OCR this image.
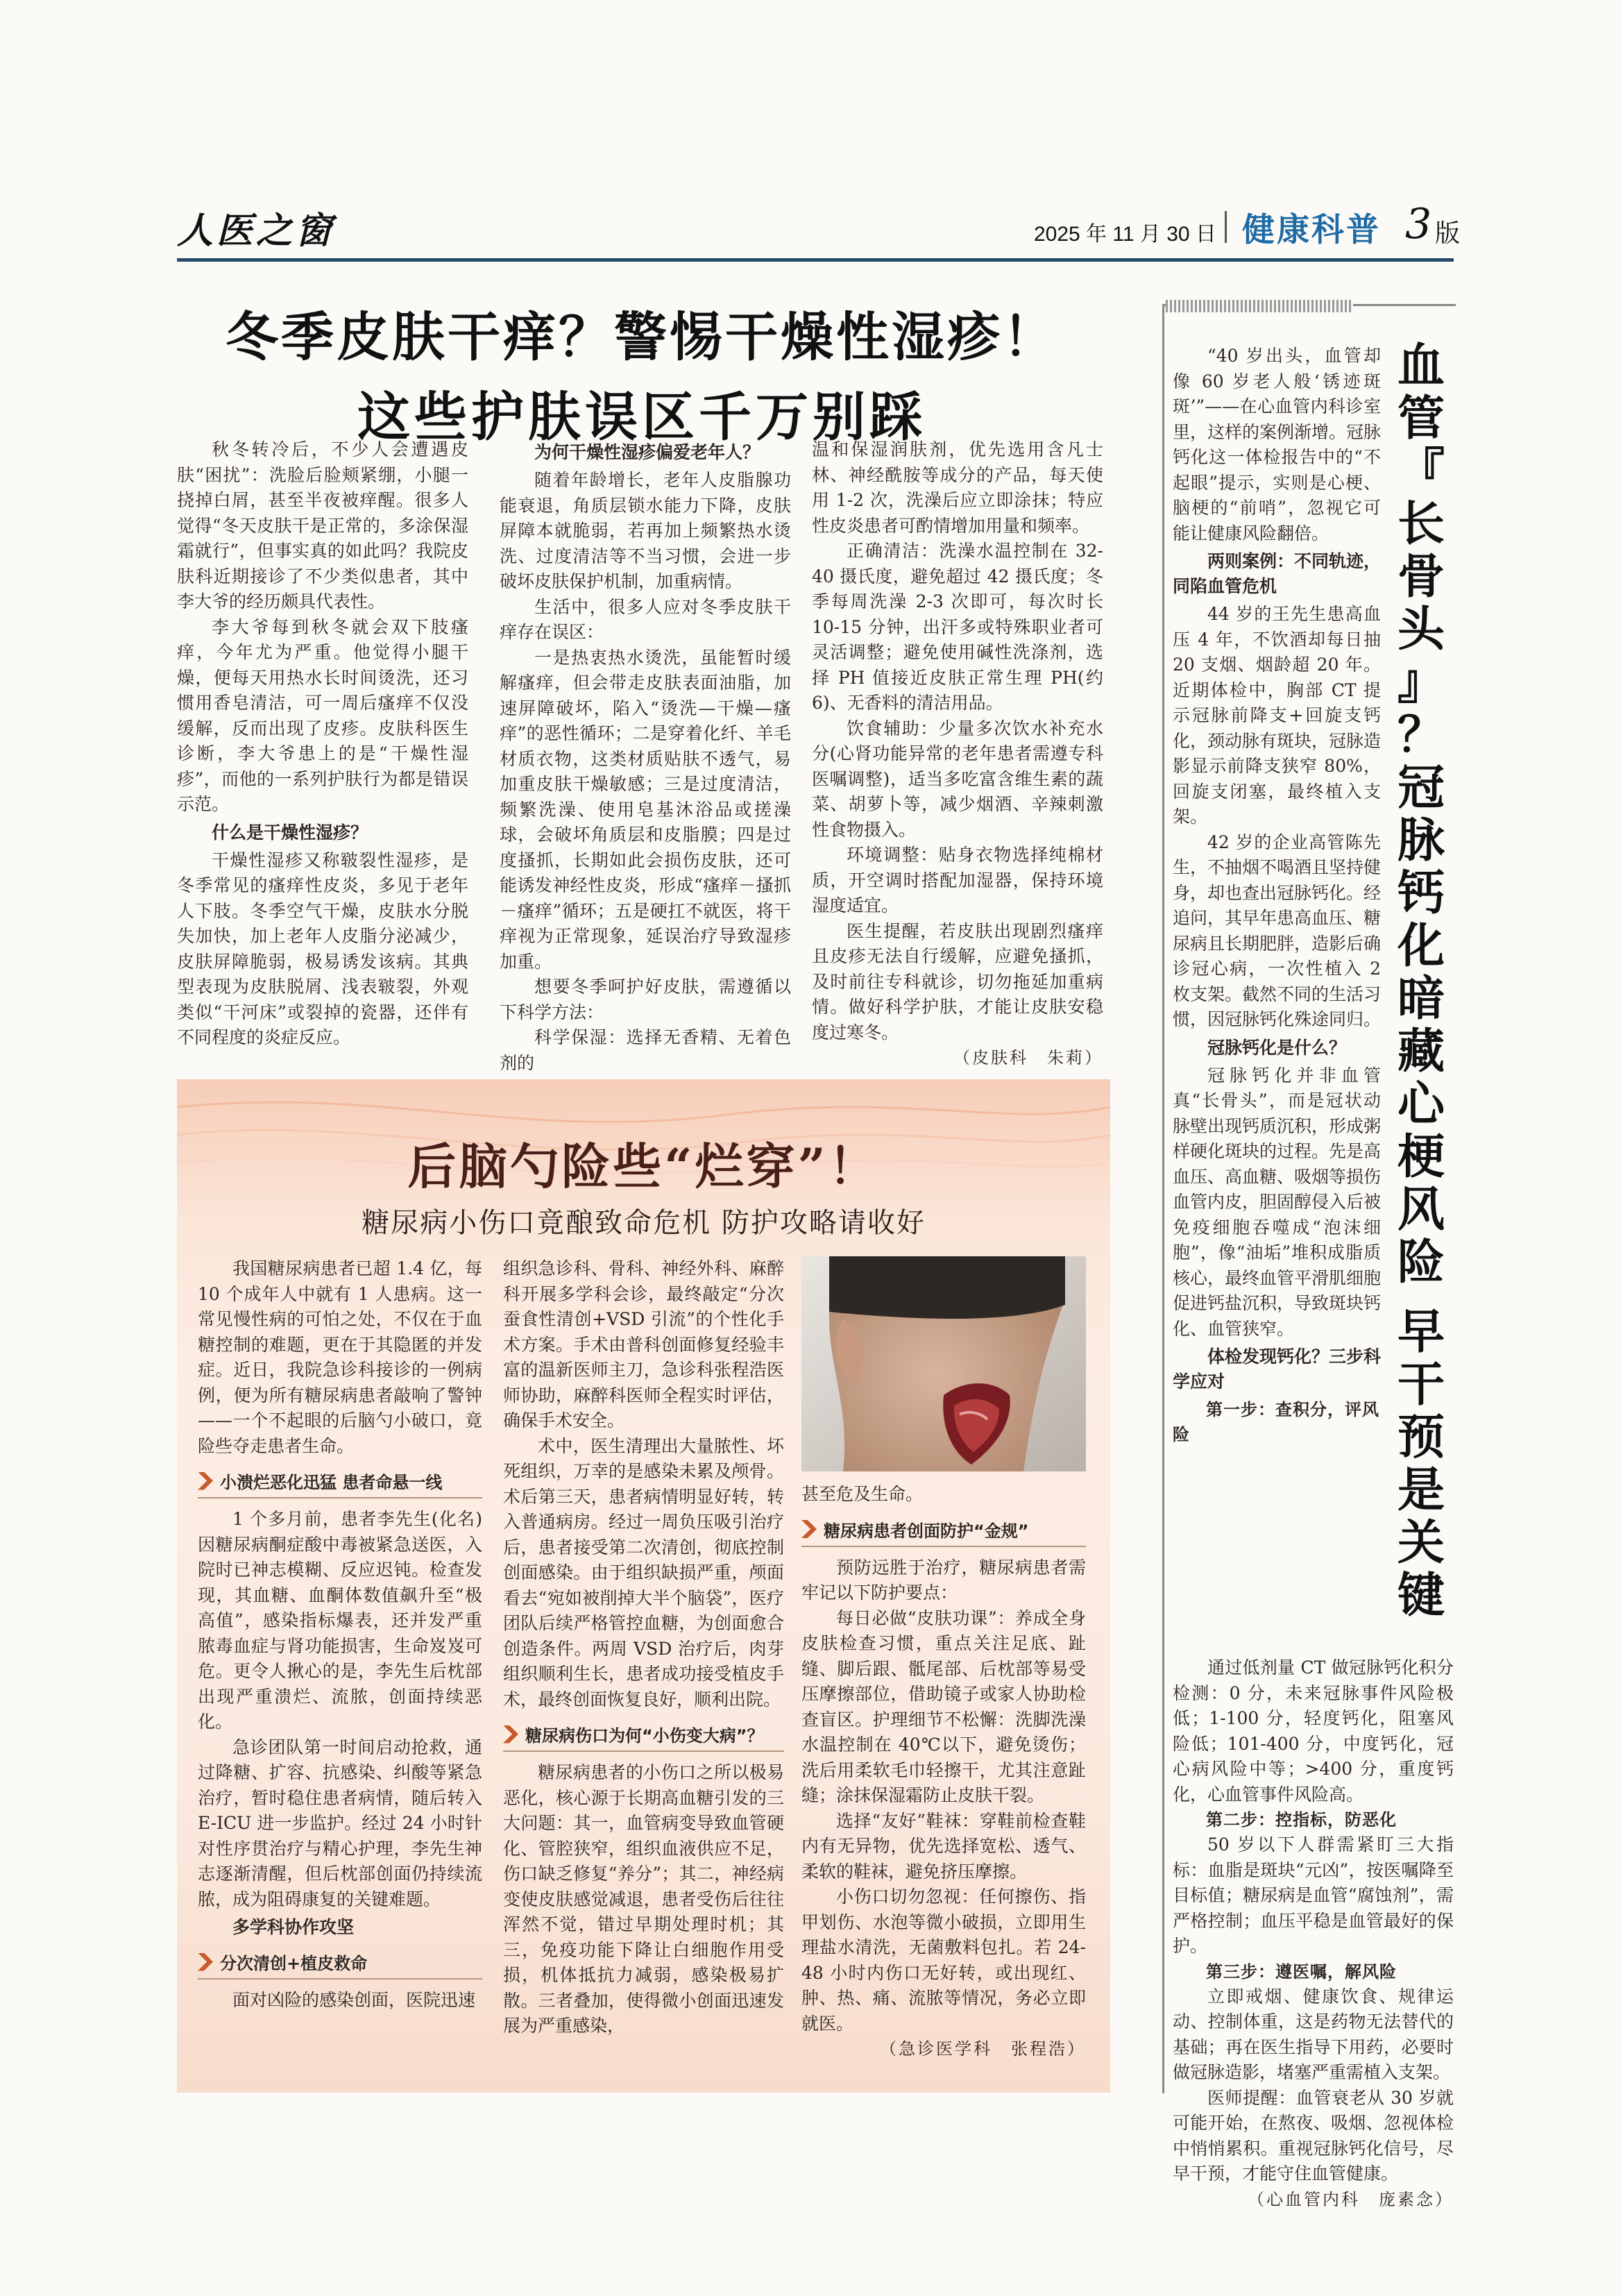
人医之窗	2025 年 11 月 30 日 健康科普 3 版
冬季皮肤干痒？警惕干燥性湿疹！
这些护肤误区千万别踩

秋冬转冷后，不少人会遭遇皮肤“困扰”：洗脸后脸颊紧绷，小腿一挠掉白屑，甚至半夜被痒醒。很多人觉得“冬天皮肤干是正常的，多涂保湿霜就行”，但事实真的如此吗？我院皮肤科近期接诊了不少类似患者，其中李大爷的经历颇具代表性。

李大爷每到秋冬就会双下肢瘙痒，今年尤为严重。他觉得小腿干燥，便每天用热水长时间烫洗，还习惯用香皂清洁，可一周后瘙痒不仅没缓解，反而出现了皮疹。皮肤科医生诊断，李大爷患上的是“干燥性湿疹”，而他的一系列护肤行为都是错误示范。

什么是干燥性湿疹？

干燥性湿疹又称皲裂性湿疹，是冬季常见的瘙痒性皮炎，多见于老年人下肢。冬季空气干燥，皮肤水分脱失加快，加上老年人皮脂分泌减少，皮肤屏障脆弱，极易诱发该病。其典型表现为皮肤脱屑、浅表皲裂，外观类似“干河床”或裂掉的瓷器，还伴有不同程度的炎症反应。

为何干燥性湿疹偏爱老年人？

随着年龄增长，老年人皮脂腺功能衰退，角质层锁水能力下降，皮肤屏障本就脆弱，若再加上频繁热水烫洗、过度清洁等不当习惯，会进一步破坏皮肤保护机制，加重病情。

生活中，很多人应对冬季皮肤干痒存在误区：

一是热衷热水烫洗，虽能暂时缓解瘙痒，但会带走皮肤表面油脂，加速屏障破坏，陷入“烫洗—干燥—瘙痒”的恶性循环；二是穿着化纤、羊毛材质衣物，这类材质贴肤不透气，易加重皮肤干燥敏感；三是过度清洁，频繁洗澡、使用皂基沐浴品或搓澡球，会破坏角质层和皮脂膜；四是过度搔抓，长期如此会损伤皮肤，还可能诱发神经性皮炎，形成“瘙痒－搔抓－瘙痒”循环；五是硬扛不就医，将干痒视为正常现象，延误治疗导致湿疹加重。

想要冬季呵护好皮肤，需遵循以下科学方法：

科学保湿：选择无香精、无着色剂的

温和保湿润肤剂，优先选用含凡士林、神经酰胺等成分的产品，每天使用 1-2 次，洗澡后应立即涂抹；特应性皮炎患者可酌情增加用量和频率。

正确清洁：洗澡水温控制在 32-40 摄氏度，避免超过 42 摄氏度；冬季每周洗澡 2-3 次即可，每次时长 10-15 分钟，出汗多或特殊职业者可灵活调整；避免使用碱性洗涤剂，选择 PH 值接近皮肤正常生理 PH(约 6)、无香料的清洁用品。

饮食辅助：少量多次饮水补充水分(心肾功能异常的老年患者需遵专科医嘱调整)，适当多吃富含维生素的蔬菜、胡萝卜等，减少烟酒、辛辣刺激性食物摄入。

环境调整：贴身衣物选择纯棉材质，开空调时搭配加湿器，保持环境湿度适宜。

医生提醒，若皮肤出现剧烈瘙痒且皮疹无法自行缓解，应避免搔抓，及时前往专科就诊，切勿拖延加重病情。做好科学护肤，才能让皮肤安稳度过寒冬。

（皮肤科　朱莉）

“40 岁出头，血管却像 60 岁老人般‘锈迹斑斑’”——在心血管内科诊室里，这样的案例渐增。冠脉钙化这一体检报告中的“不起眼”提示，实则是心梗、脑梗的“前哨”，忽视它可能让健康风险翻倍。

两则案例：不同轨迹，同陷血管危机

44 岁的王先生患高血压 4 年，不饮酒却每日抽 20 支烟、烟龄超 20 年。近期体检中，胸部 CT 提示冠脉前降支+回旋支钙化，颈动脉有斑块，冠脉造影显示前降支狭窄 80%，回旋支闭塞，最终植入支架。

42 岁的企业高管陈先生，不抽烟不喝酒且坚持健身，却也查出冠脉钙化。经追问，其早年患高血压、糖尿病且长期肥胖，造影后确诊冠心病，一次性植入 2 枚支架。截然不同的生活习惯，因冠脉钙化殊途同归。

冠脉钙化是什么？

冠脉钙化并非血管真“长骨头”，而是冠状动脉壁出现钙质沉积，形成粥样硬化斑块的过程。先是高血压、高血糖、吸烟等损伤血管内皮，胆固醇侵入后被免疫细胞吞噬成“泡沫细胞”，像“油垢”堆积成脂质核心，最终血管平滑肌细胞促进钙盐沉积，导致斑块钙化、血管狭窄。

体检发现钙化？三步科学应对

第一步：查积分，评风险

血
管
『
长
骨
头
』
？
冠
脉
钙
化
暗
藏
心
梗
风
险

早
干
预
是
关
键

通过低剂量 CT 做冠脉钙化积分检测：0 分，未来冠脉事件风险极低；1-100 分，轻度钙化，阻塞风险低；101-400 分，中度钙化，冠心病风险中等；>400 分，重度钙化，心血管事件风险高。

第二步：控指标，防恶化

50 岁以下人群需紧盯三大指标：血脂是斑块“元凶”，按医嘱降至目标值；糖尿病是血管“腐蚀剂”，需严格控制；血压平稳是血管最好的保护。

第三步：遵医嘱，解风险

立即戒烟、健康饮食、规律运动、控制体重，这是药物无法替代的基础；再在医生指导下用药，必要时做冠脉造影，堵塞严重需植入支架。

医师提醒：血管衰老从 30 岁就可能开始，在熬夜、吸烟、忽视体检中悄悄累积。重视冠脉钙化信号，尽早干预，才能守住血管健康。

（心血管内科　庞素念）

后脑勺险些“烂穿”！
糖尿病小伤口竟酿致命危机 防护攻略请收好

我国糖尿病患者已超 1.4 亿，每 10 个成年人中就有 1 人患病。这一常见慢性病的可怕之处，不仅在于血糖控制的难题，更在于其隐匿的并发症。近日，我院急诊科接诊的一例病例，便为所有糖尿病患者敲响了警钟——一个不起眼的后脑勺小破口，竟险些夺走患者生命。

小溃烂恶化迅猛 患者命悬一线

1 个多月前，患者李先生(化名)因糖尿病酮症酸中毒被紧急送医，入院时已神志模糊、反应迟钝。检查发现，其血糖、血酮体数值飙升至“极高值”，感染指标爆表，还并发严重脓毒血症与肾功能损害，生命岌岌可危。更令人揪心的是，李先生后枕部出现严重溃烂、流脓，创面持续恶化。

急诊团队第一时间启动抢救，通过降糖、扩容、抗感染、纠酸等紧急治疗，暂时稳住患者病情，随后转入 E-ICU 进一步监护。经过 24 小时针对性序贯治疗与精心护理，李先生神志逐渐清醒，但后枕部创面仍持续流脓，成为阻碍康复的关键难题。

多学科协作攻坚

分次清创+植皮救命

面对凶险的感染创面，医院迅速

组织急诊科、骨科、神经外科、麻醉科开展多学科会诊，最终敲定“分次蚕食性清创+VSD 引流”的个性化手术方案。手术由普科创面修复经验丰富的温新医师主刀，急诊科张程浩医师协助，麻醉科医师全程实时评估，确保手术安全。

术中，医生清理出大量脓性、坏死组织，万幸的是感染未累及颅骨。术后第三天，患者病情明显好转，转入普通病房。经过一周负压吸引治疗后，患者接受第二次清创，彻底控制创面感染。由于组织缺损严重，颅面看去“宛如被削掉大半个脑袋”，医疗团队后续严格管控血糖，为创面愈合创造条件。两周 VSD 治疗后，肉芽组织顺利生长，患者成功接受植皮手术，最终创面恢复良好，顺利出院。

糖尿病伤口为何“小伤变大病”？

糖尿病患者的小伤口之所以极易恶化，核心源于长期高血糖引发的三大问题：其一，血管病变导致血管硬化、管腔狭窄，组织血液供应不足，伤口缺乏修复“养分”；其二，神经病变使皮肤感觉减退，患者受伤后往往浑然不觉，错过早期处理时机；其三，免疫功能下降让白细胞作用受损，机体抵抗力减弱，感染极易扩散。三者叠加，使得微小创面迅速发展为严重感染，

甚至危及生命。

糖尿病患者创面防护“金规”

预防远胜于治疗，糖尿病患者需牢记以下防护要点：

每日必做“皮肤功课”：养成全身皮肤检查习惯，重点关注足底、趾缝、脚后跟、骶尾部、后枕部等易受压摩擦部位，借助镜子或家人协助检查盲区。护理细节不松懈：洗脚洗澡水温控制在 40℃以下，避免烫伤；洗后用柔软毛巾轻擦干，尤其注意趾缝；涂抹保湿霜防止皮肤干裂。

选择“友好”鞋袜：穿鞋前检查鞋内有无异物，优先选择宽松、透气、柔软的鞋袜，避免挤压摩擦。

小伤口切勿忽视：任何擦伤、指甲划伤、水泡等微小破损，立即用生理盐水清洗，无菌敷料包扎。若 24-48 小时内伤口无好转，或出现红、肿、热、痛、流脓等情况，务必立即就医。

（急诊医学科　张程浩）
